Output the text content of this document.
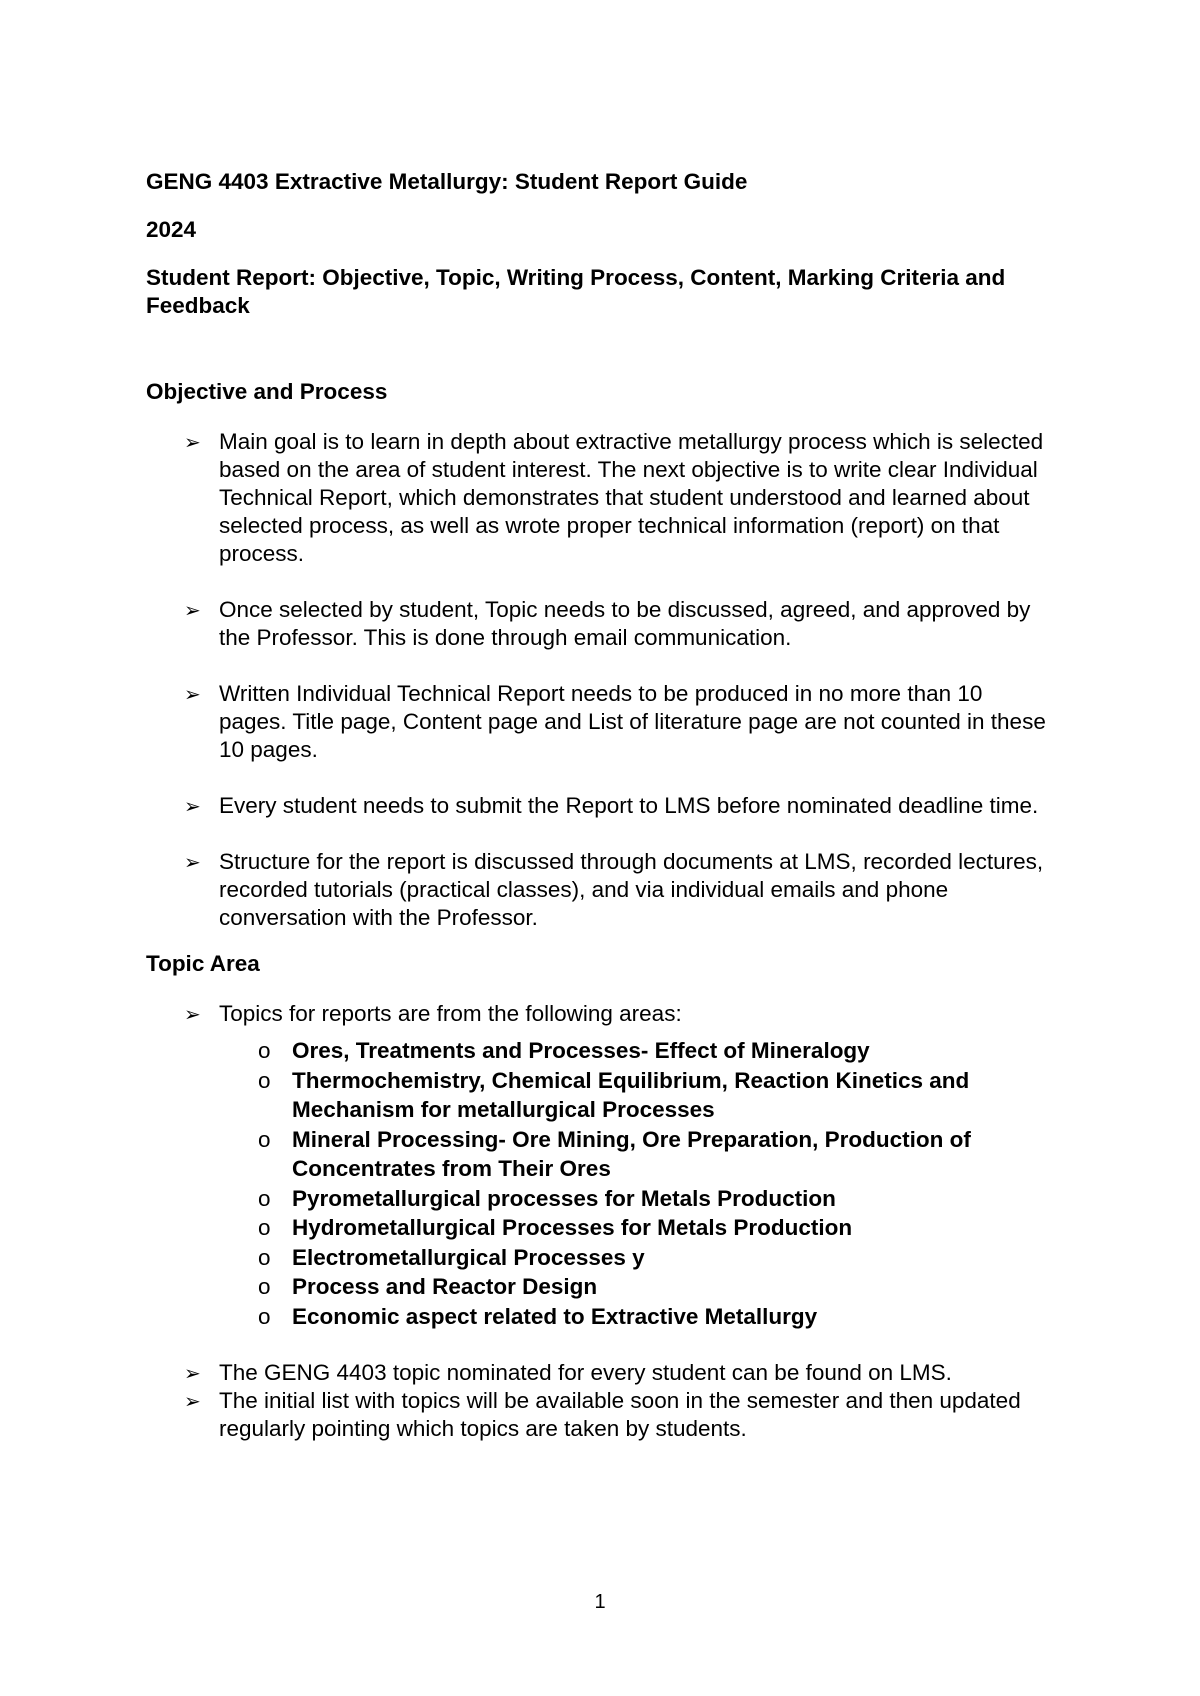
GENG 4403 Extractive Metallurgy: Student Report Guide

2024

Student Report: Objective, Topic, Writing Process, Content, Marking Criteria and Feedback

Objective and Process

➢ Main goal is to learn in depth about extractive metallurgy process which is selected based on the area of student interest. The next objective is to write clear Individual Technical Report, which demonstrates that student understood and learned about selected process, as well as wrote proper technical information (report) on that process.
➢ Once selected by student, Topic needs to be discussed, agreed, and approved by the Professor. This is done through email communication.
➢ Written Individual Technical Report needs to be produced in no more than 10 pages. Title page, Content page and List of literature page are not counted in these 10 pages.
➢ Every student needs to submit the Report to LMS before nominated deadline time.
➢ Structure for the report is discussed through documents at LMS, recorded lectures, recorded tutorials (practical classes), and via individual emails and phone conversation with the Professor.

Topic Area

➢ Topics for reports are from the following areas:
o Ores, Treatments and Processes- Effect of Mineralogy
o Thermochemistry, Chemical Equilibrium, Reaction Kinetics and Mechanism for metallurgical Processes
o Mineral Processing- Ore Mining, Ore Preparation, Production of Concentrates from Their Ores
o Pyrometallurgical processes for Metals Production
o Hydrometallurgical Processes for Metals Production
o Electrometallurgical Processes y
o Process and Reactor Design
o Economic aspect related to Extractive Metallurgy
➢ The GENG 4403 topic nominated for every student can be found on LMS.
➢ The initial list with topics will be available soon in the semester and then updated regularly pointing which topics are taken by students.
1
